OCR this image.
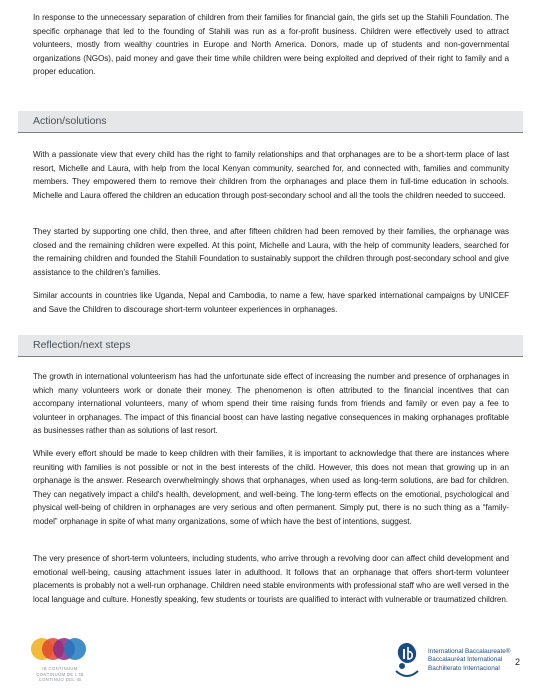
In response to the unnecessary separation of children from their families for financial gain, the girls set up the Stahili Foundation. The specific orphanage that led to the founding of Stahili was run as a for-profit business. Children were effectively used to attract volunteers, mostly from wealthy countries in Europe and North America. Donors, made up of students and non-governmental organizations (NGOs), paid money and gave their time while children were being exploited and deprived of their right to family and a proper education.

Action/solutions

With a passionate view that every child has the right to family relationships and that orphanages are to be a short-term place of last resort, Michelle and Laura, with help from the local Kenyan community, searched for, and connected with, families and community members. They empowered them to remove their children from the orphanages and place them in full-time education in schools. Michelle and Laura offered the children an education through post-secondary school and all the tools the children needed to succeed.

They started by supporting one child, then three, and after fifteen children had been removed by their families, the orphanage was closed and the remaining children were expelled. At this point, Michelle and Laura, with the help of community leaders, searched for the remaining children and founded the Stahili Foundation to sustainably support the children through post-secondary school and give assistance to the children’s families.

Similar accounts in countries like Uganda, Nepal and Cambodia, to name a few, have sparked international campaigns by UNICEF and Save the Children to discourage short-term volunteer experiences in orphanages.

Reflection/next steps

The growth in international volunteerism has had the unfortunate side effect of increasing the number and presence of orphanages in which many volunteers work or donate their money. The phenomenon is often attributed to the financial incentives that can accompany international volunteers, many of whom spend their time raising funds from friends and family or even pay a fee to volunteer in orphanages. The impact of this financial boost can have lasting negative consequences in making orphanages profitable as businesses rather than as solutions of last resort.

While every effort should be made to keep children with their families, it is important to acknowledge that there are instances where reuniting with families is not possible or not in the best interests of the child. However, this does not mean that growing up in an orphanage is the answer. Research overwhelmingly shows that orphanages, when used as long-term solutions, are bad for children. They can negatively impact a child’s health, development, and well-being. The long-term effects on the emotional, psychological and physical well-being of children in orphanages are very serious and often permanent. Simply put, there is no such thing as a “family-model” orphanage in spite of what many organizations, some of which have the best of intentions, suggest.

The very presence of short-term volunteers, including students, who arrive through a revolving door can affect child development and emotional well-being, causing attachment issues later in adulthood. It follows that an orphanage that offers short-term volunteer placements is probably not a well-run orphanage. Children need stable environments with professional staff who are well versed in the local language and culture. Honestly speaking, few students or tourists are qualified to interact with vulnerable or traumatized children.

IB CONTINUUM
CONTINUUM DE L’IB
CONTINUO DEL IB
International Baccalaureate®
Baccalauréat International
Bachillerato Internacional
2
